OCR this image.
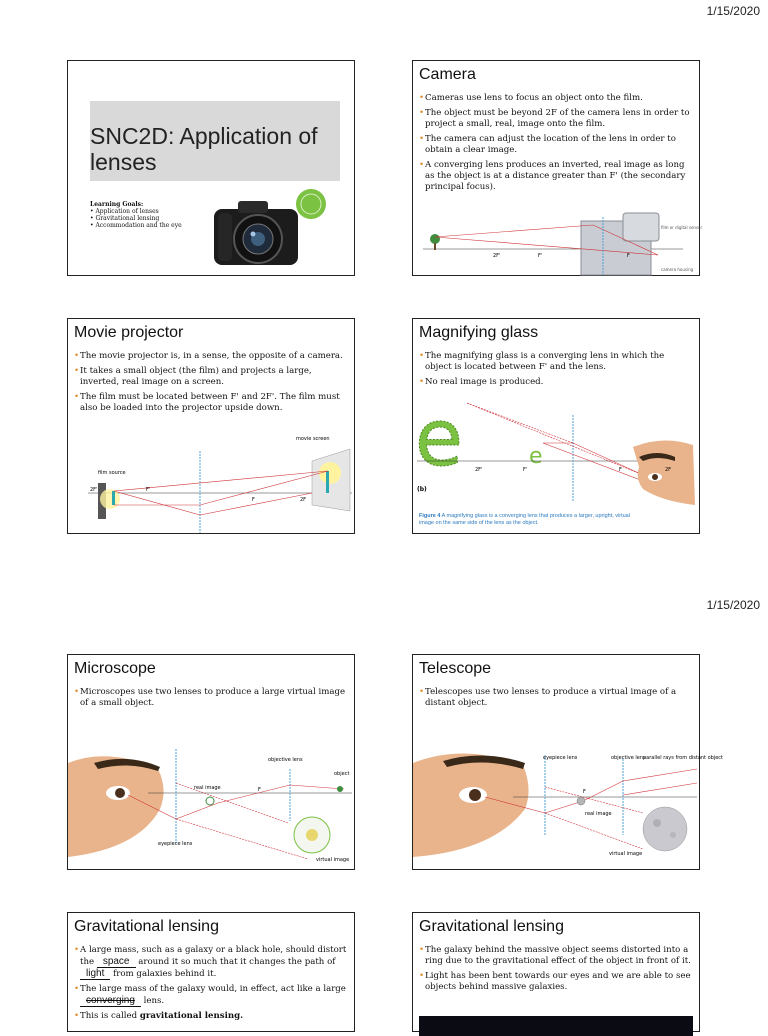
1/15/2020
SNC2D: Application of lenses
Learning Goals:
• Application of lenses
• Gravitational lensing
• Accommodation and the eye
Camera
• Cameras use lens to focus an object onto the film.
• The object must be beyond 2F of the camera lens in order to project a small, real, image onto the film.
• The camera can adjust the location of the lens in order to obtain a clear image.
• A converging lens produces an inverted, real image as long as the object is at a distance greater than F' (the secondary principal focus).
2F'	F'	F
film or digital sensor
camera housing
Movie projector
• The movie projector is, in a sense, the opposite of a camera.
• It takes a small object (the film) and projects a large, inverted, real image on a screen.
• The film must be located between F' and 2F'. The film must also be loaded into the projector upside down.
movie screen
film source
2F'	F'
F	2F
Magnifying glass
• The magnifying glass is a converging lens in which the object is located between F' and the lens.
• No real image is produced.
e	e
2F'	F'	F	2F
(b)
Figure 4 A magnifying glass is a converging lens that produces a larger, upright, virtual image on the same side of the lens as the object.
1/15/2020
Microscope
• Microscopes use two lenses to produce a large virtual image of a small object.
objective lens
object
real image	F
eyepiece lens
virtual image
Telescope
• Telescopes use two lenses to produce a virtual image of a distant object.
eyepiece lens	objective lens
parallel rays from distant object
F
real image
virtual image
Gravitational lensing
• A large mass, such as a galaxy or a black hole, should distort the space around it so much that it changes the path of light from galaxies behind it.
• The large mass of the galaxy would, in effect, act like a large converging lens.
• This is called gravitational lensing.
Gravitational lensing
• The galaxy behind the massive object seems distorted into a ring due to the gravitational effect of the object in front of it.
• Light has been bent towards our eyes and we are able to see objects behind massive galaxies.
